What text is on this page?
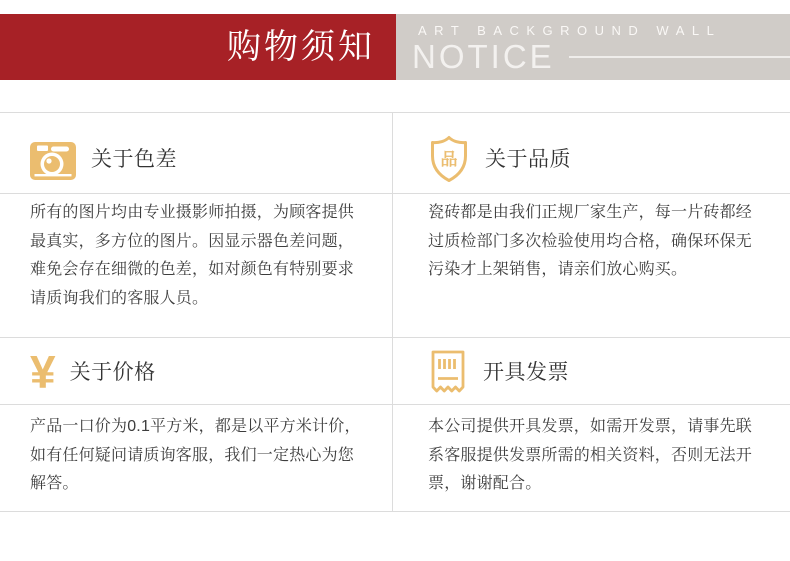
购物须知	ART BACKGROUND WALL
NOTICE
关于色差
所有的图片均由专业摄影师拍摄，为顾客提供
最真实，多方位的图片。因显示器色差问题，
难免会存在细微的色差，如对颜色有特别要求
请质询我们的客服人员。
¥ 关于价格
产品一口价为0.1平方米，都是以平方米计价，
如有任何疑问请质询客服，我们一定热心为您
解答。
品 关于品质
瓷砖都是由我们正规厂家生产，每一片砖都经
过质检部门多次检验使用均合格，确保环保无
污染才上架销售，请亲们放心购买。
开具发票
本公司提供开具发票，如需开发票，请事先联
系客服提供发票所需的相关资料，否则无法开
票，谢谢配合。
